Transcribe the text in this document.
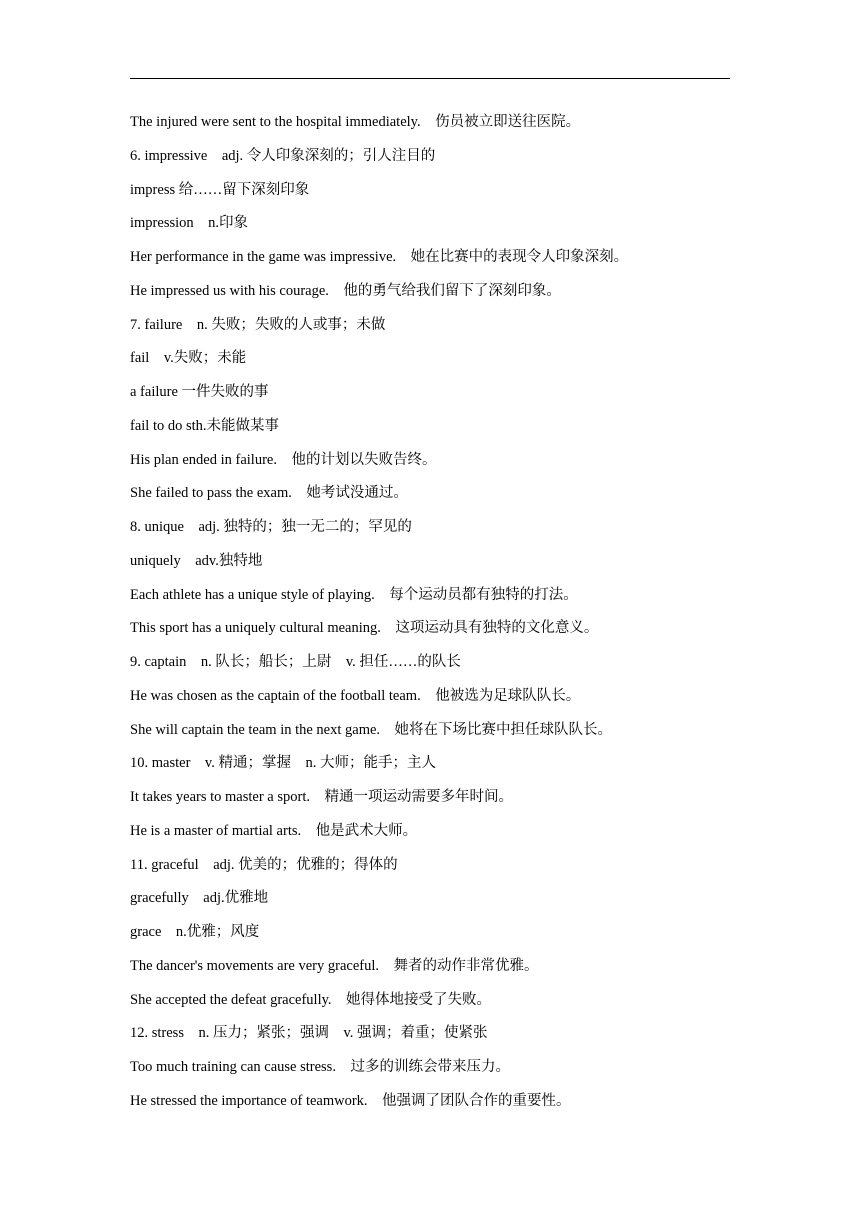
The injured were sent to the hospital immediately.　伤员被立即送往医院。
6. impressive　adj. 令人印象深刻的；引人注目的
impress 给……留下深刻印象
impression　n.印象
Her performance in the game was impressive.　她在比赛中的表现令人印象深刻。
He impressed us with his courage.　他的勇气给我们留下了深刻印象。
7. failure　n. 失败；失败的人或事；未做
fail　v.失败；未能
a failure 一件失败的事
fail to do sth.未能做某事
His plan ended in failure.　他的计划以失败告终。
She failed to pass the exam.　她考试没通过。
8. unique　adj. 独特的；独一无二的；罕见的
uniquely　adv.独特地
Each athlete has a unique style of playing.　每个运动员都有独特的打法。
This sport has a uniquely cultural meaning.　这项运动具有独特的文化意义。
9. captain　n. 队长；船长；上尉　v. 担任……的队长
He was chosen as the captain of the football team.　他被选为足球队队长。
She will captain the team in the next game.　她将在下场比赛中担任球队队长。
10. master　v. 精通；掌握　n. 大师；能手；主人
It takes years to master a sport.　精通一项运动需要多年时间。
He is a master of martial arts.　他是武术大师。
11. graceful　adj. 优美的；优雅的；得体的
gracefully　adj.优雅地
grace　n.优雅；风度
The dancer's movements are very graceful.　舞者的动作非常优雅。
She accepted the defeat gracefully.　她得体地接受了失败。
12. stress　n. 压力；紧张；强调　v. 强调；着重；使紧张
Too much training can cause stress.　过多的训练会带来压力。
He stressed the importance of teamwork.　他强调了团队合作的重要性。
